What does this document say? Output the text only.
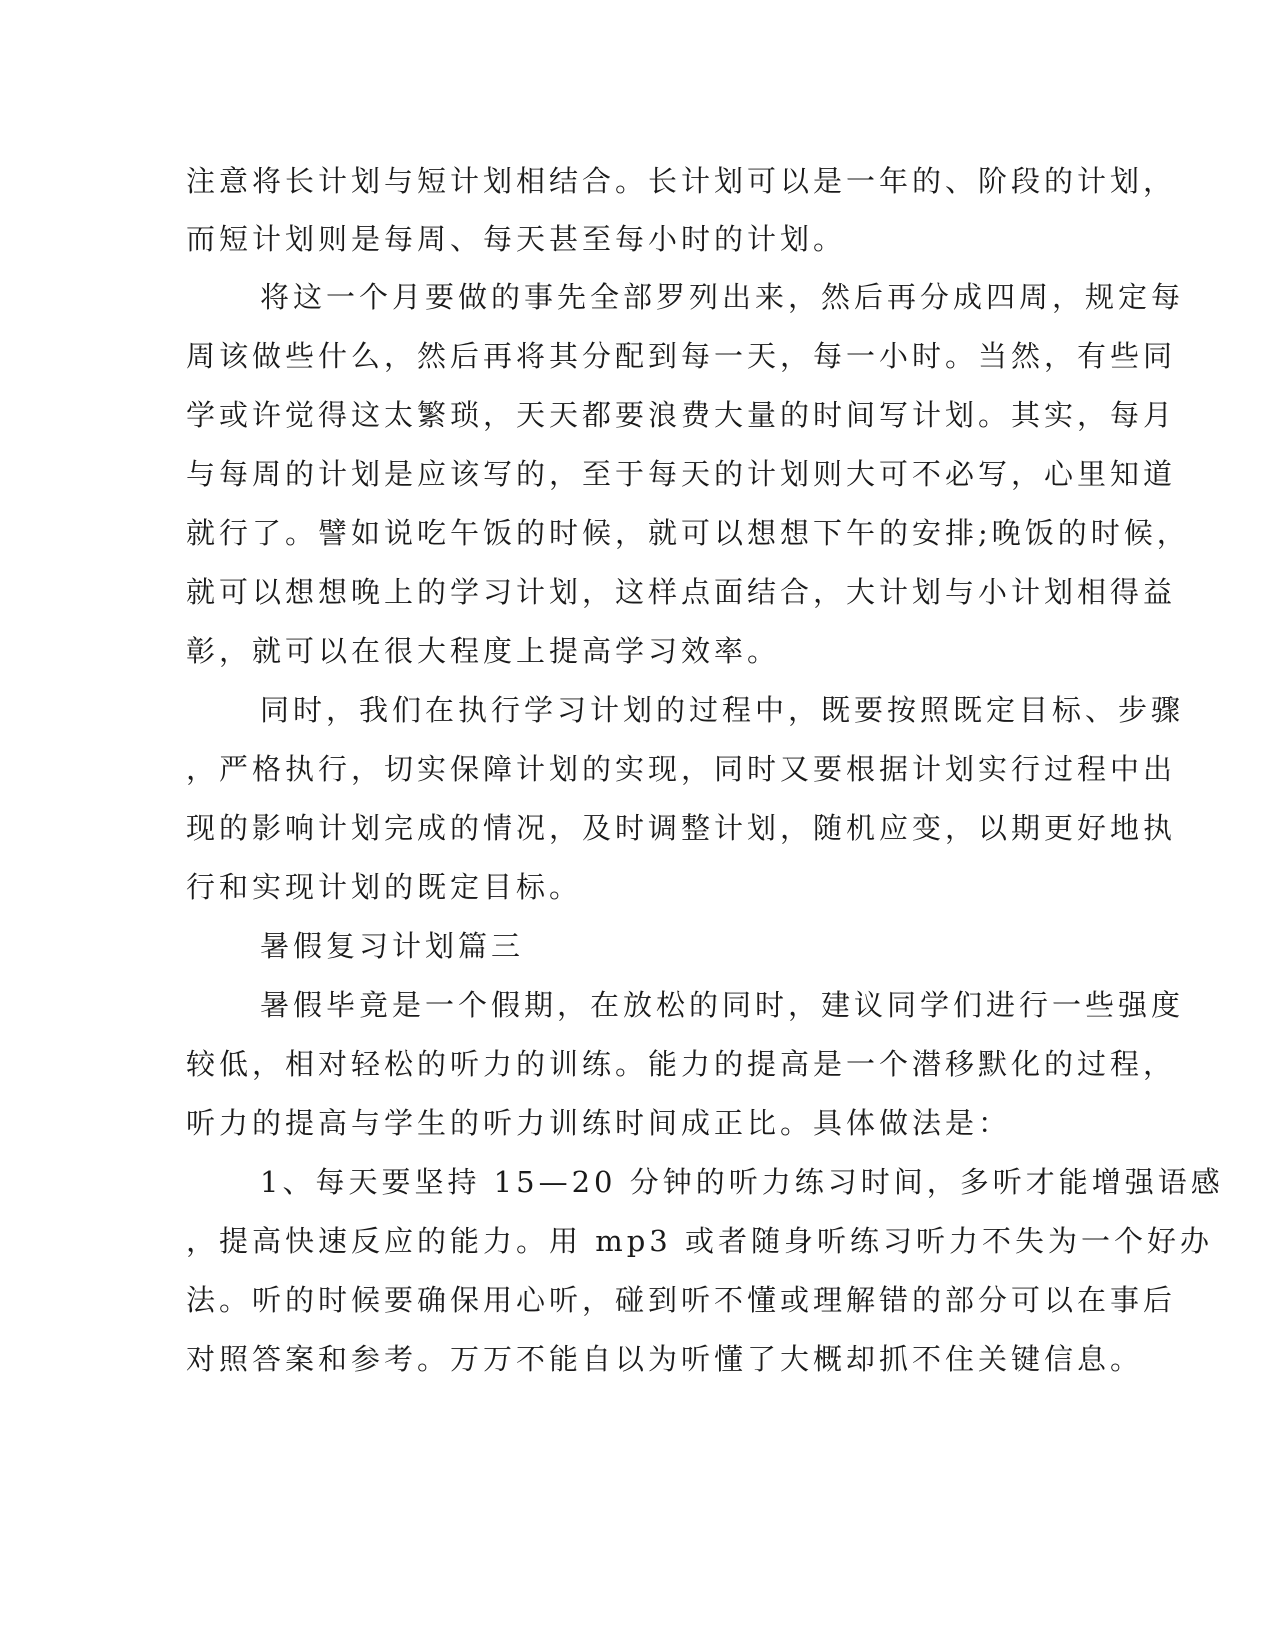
注意将长计划与短计划相结合。长计划可以是一年的、阶段的计划，
而短计划则是每周、每天甚至每小时的计划。
将这一个月要做的事先全部罗列出来，然后再分成四周，规定每
周该做些什么，然后再将其分配到每一天，每一小时。当然，有些同
学或许觉得这太繁琐，天天都要浪费大量的时间写计划。其实，每月
与每周的计划是应该写的，至于每天的计划则大可不必写，心里知道
就行了。譬如说吃午饭的时候，就可以想想下午的安排;晚饭的时候，
就可以想想晚上的学习计划，这样点面结合，大计划与小计划相得益
彰，就可以在很大程度上提高学习效率。
同时，我们在执行学习计划的过程中，既要按照既定目标、步骤
，严格执行，切实保障计划的实现，同时又要根据计划实行过程中出
现的影响计划完成的情况，及时调整计划，随机应变，以期更好地执
行和实现计划的既定目标。
暑假复习计划篇三
暑假毕竟是一个假期，在放松的同时，建议同学们进行一些强度
较低，相对轻松的听力的训练。能力的提高是一个潜移默化的过程，
听力的提高与学生的听力训练时间成正比。具体做法是：
1、每天要坚持 15—20 分钟的听力练习时间，多听才能增强语感
，提高快速反应的能力。用 mp3 或者随身听练习听力不失为一个好办
法。听的时候要确保用心听，碰到听不懂或理解错的部分可以在事后
对照答案和参考。万万不能自以为听懂了大概却抓不住关键信息。
